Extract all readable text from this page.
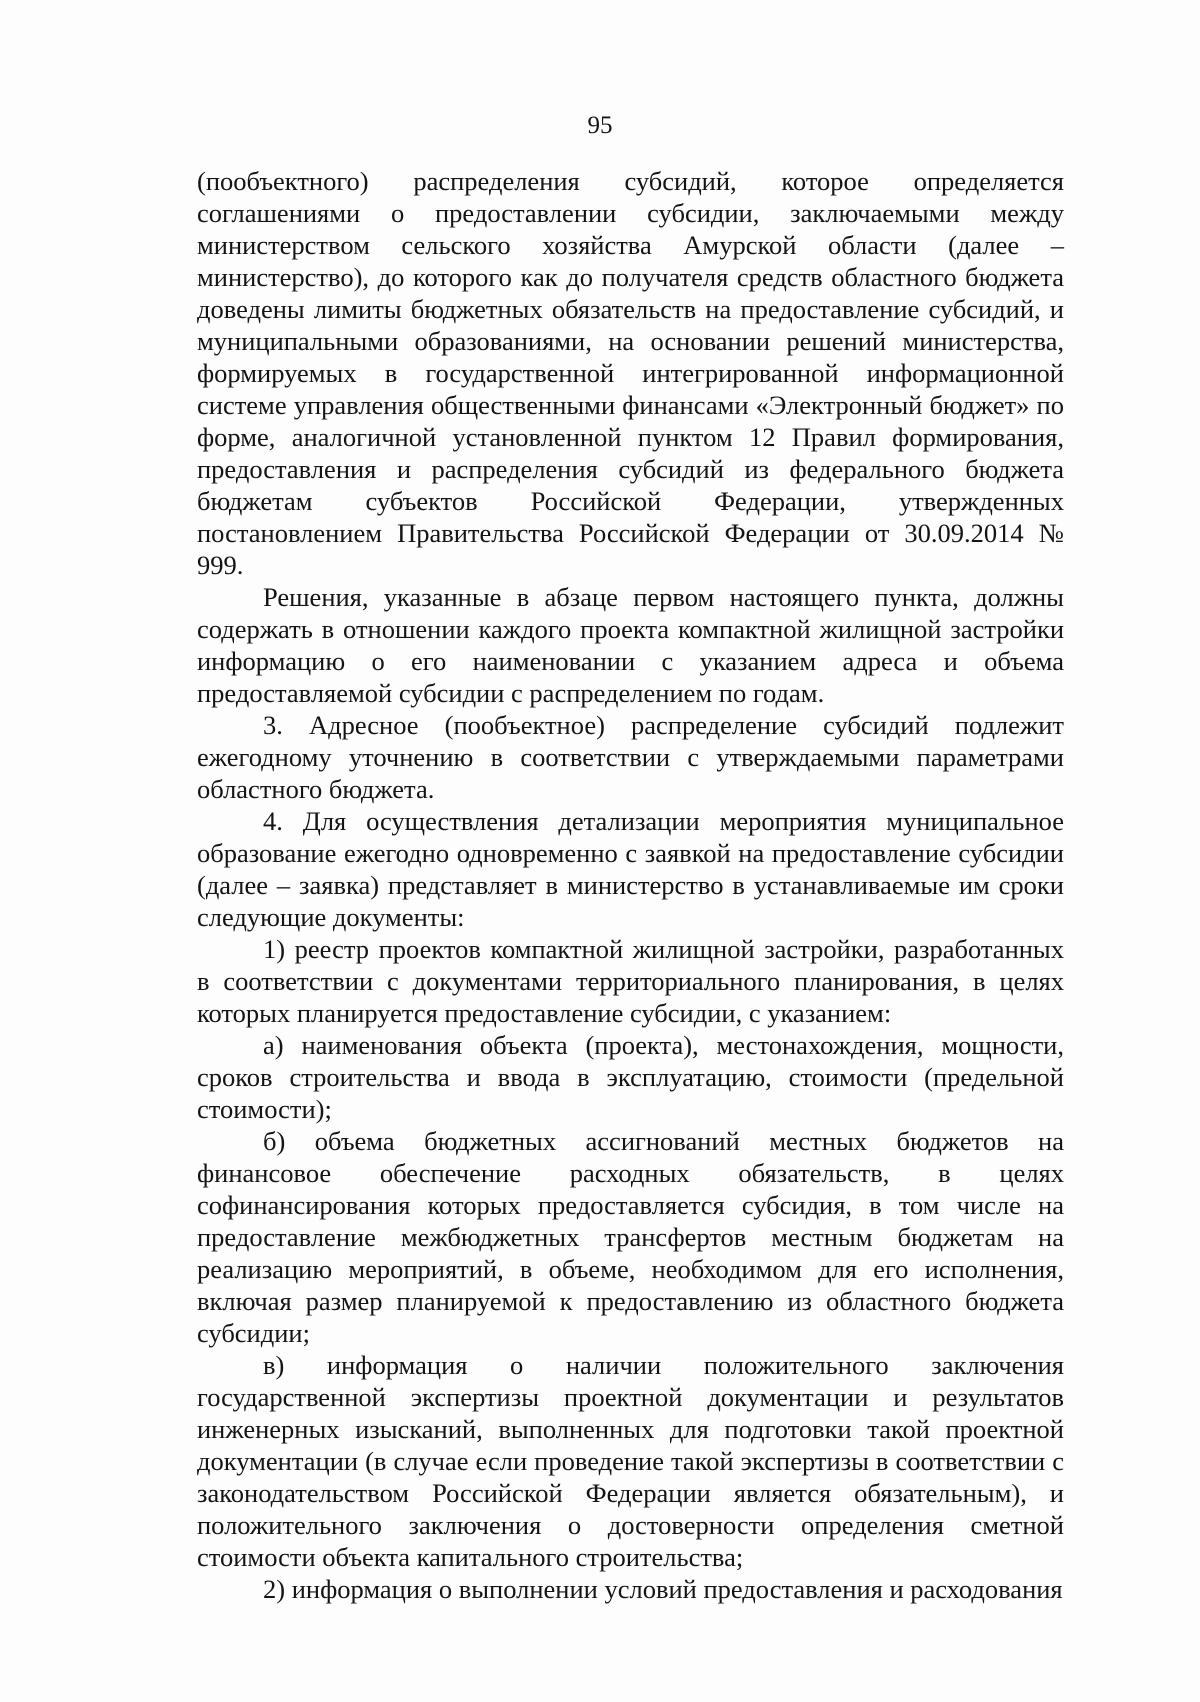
95

(пообъектного) распределения субсидий, которое определяется соглашениями о предоставлении субсидии, заключаемыми между министерством сельского хозяйства Амурской области (далее – министерство), до которого как до получателя средств областного бюджета доведены лимиты бюджетных обязательств на предоставление субсидий, и муниципальными образованиями, на основании решений министерства, формируемых в государственной интегрированной информационной системе управления общественными финансами «Электронный бюджет» по форме, аналогичной установленной пунктом 12 Правил формирования, предоставления и распределения субсидий из федерального бюджета бюджетам субъектов Российской Федерации, утвержденных постановлением Правительства Российской Федерации от 30.09.2014 № 999.

Решения, указанные в абзаце первом настоящего пункта, должны содержать в отношении каждого проекта компактной жилищной застройки информацию о его наименовании с указанием адреса и объема предоставляемой субсидии с распределением по годам.

3. Адресное (пообъектное) распределение субсидий подлежит ежегодному уточнению в соответствии с утверждаемыми параметрами областного бюджета.

4. Для осуществления детализации мероприятия муниципальное образование ежегодно одновременно с заявкой на предоставление субсидии (далее – заявка) представляет в министерство в устанавливаемые им сроки следующие документы:

1) реестр проектов компактной жилищной застройки, разработанных в соответствии с документами территориального планирования, в целях которых планируется предоставление субсидии, с указанием:

а) наименования объекта (проекта), местонахождения, мощности, сроков строительства и ввода в эксплуатацию, стоимости (предельной стоимости);

б) объема бюджетных ассигнований местных бюджетов на финансовое обеспечение расходных обязательств, в целях софинансирования которых предоставляется субсидия, в том числе на предоставление межбюджетных трансфертов местным бюджетам на реализацию мероприятий, в объеме, необходимом для его исполнения, включая размер планируемой к предоставлению из областного бюджета субсидии;

в) информация о наличии положительного заключения государственной экспертизы проектной документации и результатов инженерных изысканий, выполненных для подготовки такой проектной документации (в случае если проведение такой экспертизы в соответствии с законодательством Российской Федерации является обязательным), и положительного заключения о достоверности определения сметной стоимости объекта капитального строительства;

2) информация о выполнении условий предоставления и расходования
